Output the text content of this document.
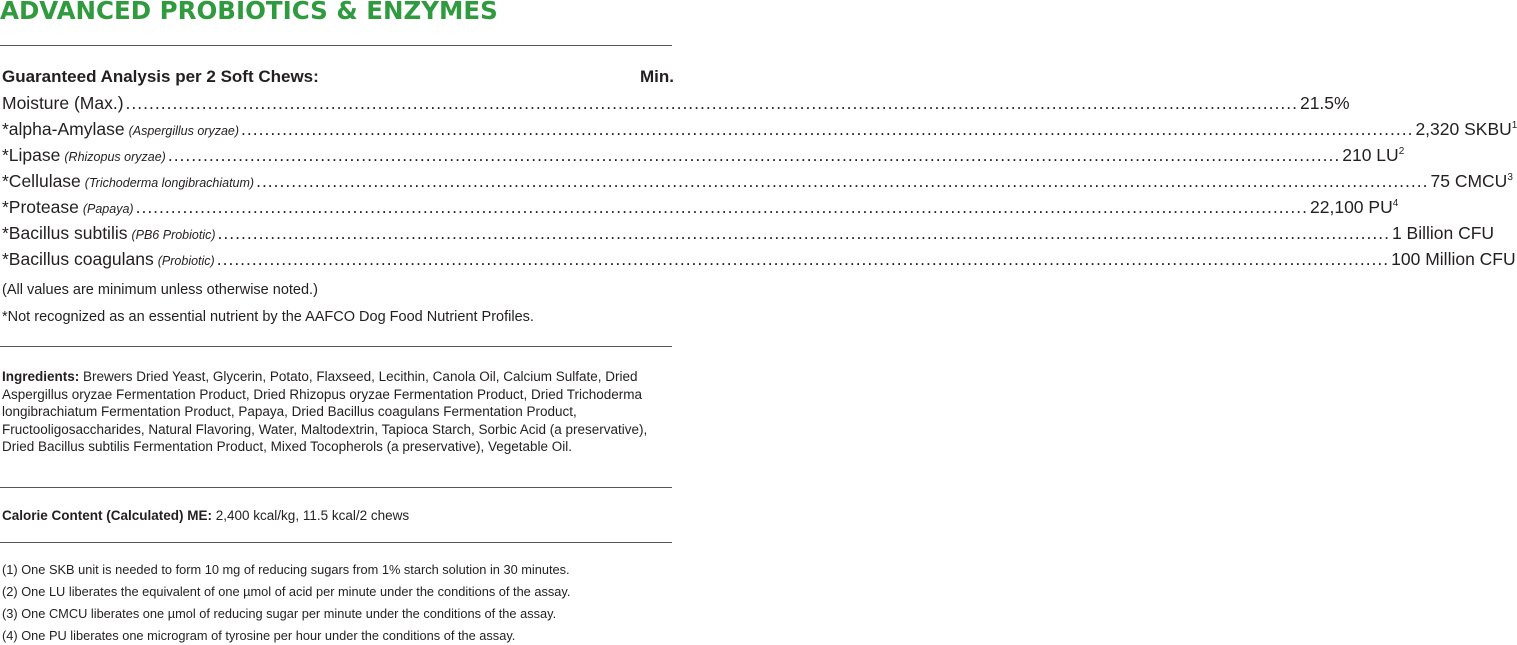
ADVANCED PROBIOTICS & ENZYMES
Guaranteed Analysis per 2 Soft Chews:	Min.
Moisture (Max.) ........................................................................................................................................................................................................ 21.5%
*alpha-Amylase (Aspergillus oryzae) ........................................................................................................................................................................................................ 2,320 SKBU$^1$
*Lipase (Rhizopus oryzae) ........................................................................................................................................................................................................ 210 $LU^2$
*Cellulase (Trichoderma longibrachiatum) ........................................................................................................................................................................................................ 75 CMCU$^3$
*Protease (Papaya) ........................................................................................................................................................................................................ 22,100 $PU^4$
*Bacillus subtilis (PB6 Probiotic) ........................................................................................................................................................................................................ 1 Billion CFU
*Bacillus coagulans (Probiotic) ........................................................................................................................................................................................................ 100 Million CFU
(All values are minimum unless otherwise noted.)
*Not recognized as an essential nutrient by the AAFCO Dog Food Nutrient Profiles.
Ingredients: Brewers Dried Yeast, Glycerin, Potato, Flaxseed, Lecithin, Canola Oil, Calcium Sulfate, Dried Aspergillus oryzae Fermentation Product, Dried Rhizopus oryzae Fermentation Product, Dried Trichoderma longibrachiatum Fermentation Product, Papaya, Dried Bacillus coagulans Fermentation Product, Fructooligosaccharides, Natural Flavoring, Water, Maltodextrin, Tapioca Starch, Sorbic Acid (a preservative), Dried Bacillus subtilis Fermentation Product, Mixed Tocopherols (a preservative), Vegetable Oil.
Calorie Content (Calculated) ME: 2,400 kcal/kg, 11.5 kcal/2 chews
(1) One SKB unit is needed to form 10 mg of reducing sugars from 1% starch solution in 30 minutes.
(2) One LU liberates the equivalent of one µmol of acid per minute under the conditions of the assay.
(3) One CMCU liberates one µmol of reducing sugar per minute under the conditions of the assay.
(4) One PU liberates one microgram of tyrosine per hour under the conditions of the assay.
